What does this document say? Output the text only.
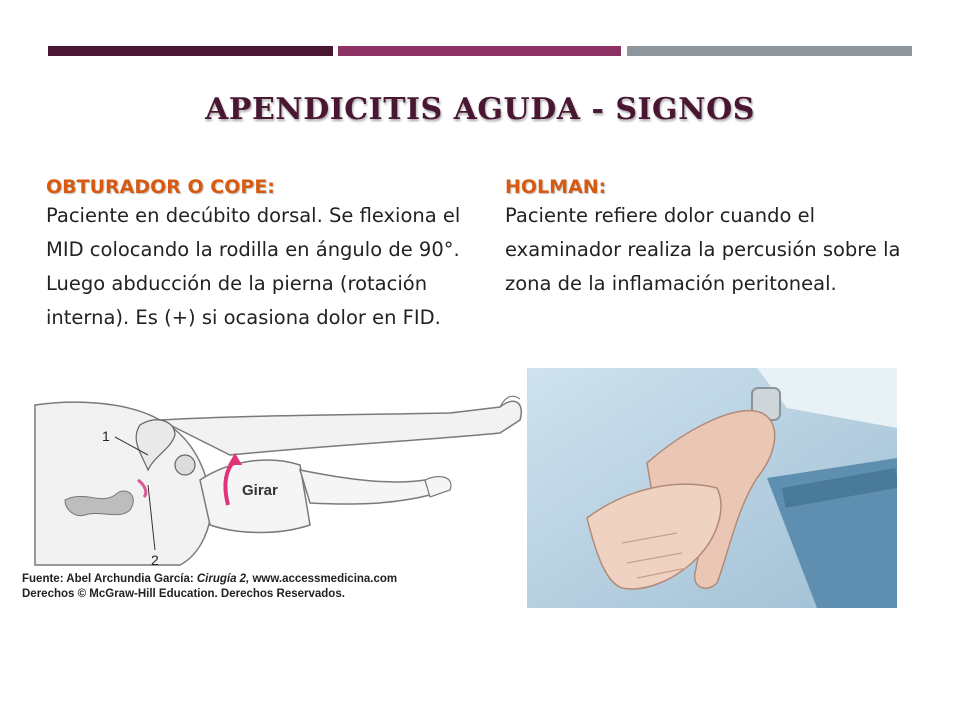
APENDICITIS AGUDA - SIGNOS
OBTURADOR O COPE:
Paciente en decúbito dorsal. Se flexiona el MID colocando la rodilla en ángulo de 90°. Luego abducción de la pierna (rotación interna). Es (+) si ocasiona dolor en FID.
HOLMAN:
Paciente refiere dolor cuando el examinador realiza la percusión sobre la zona de la inflamación peritoneal.
1
2
Girar
Fuente: Abel Archundia García: Cirugía 2, www.accessmedicina.com
Derechos © McGraw-Hill Education. Derechos Reservados.
